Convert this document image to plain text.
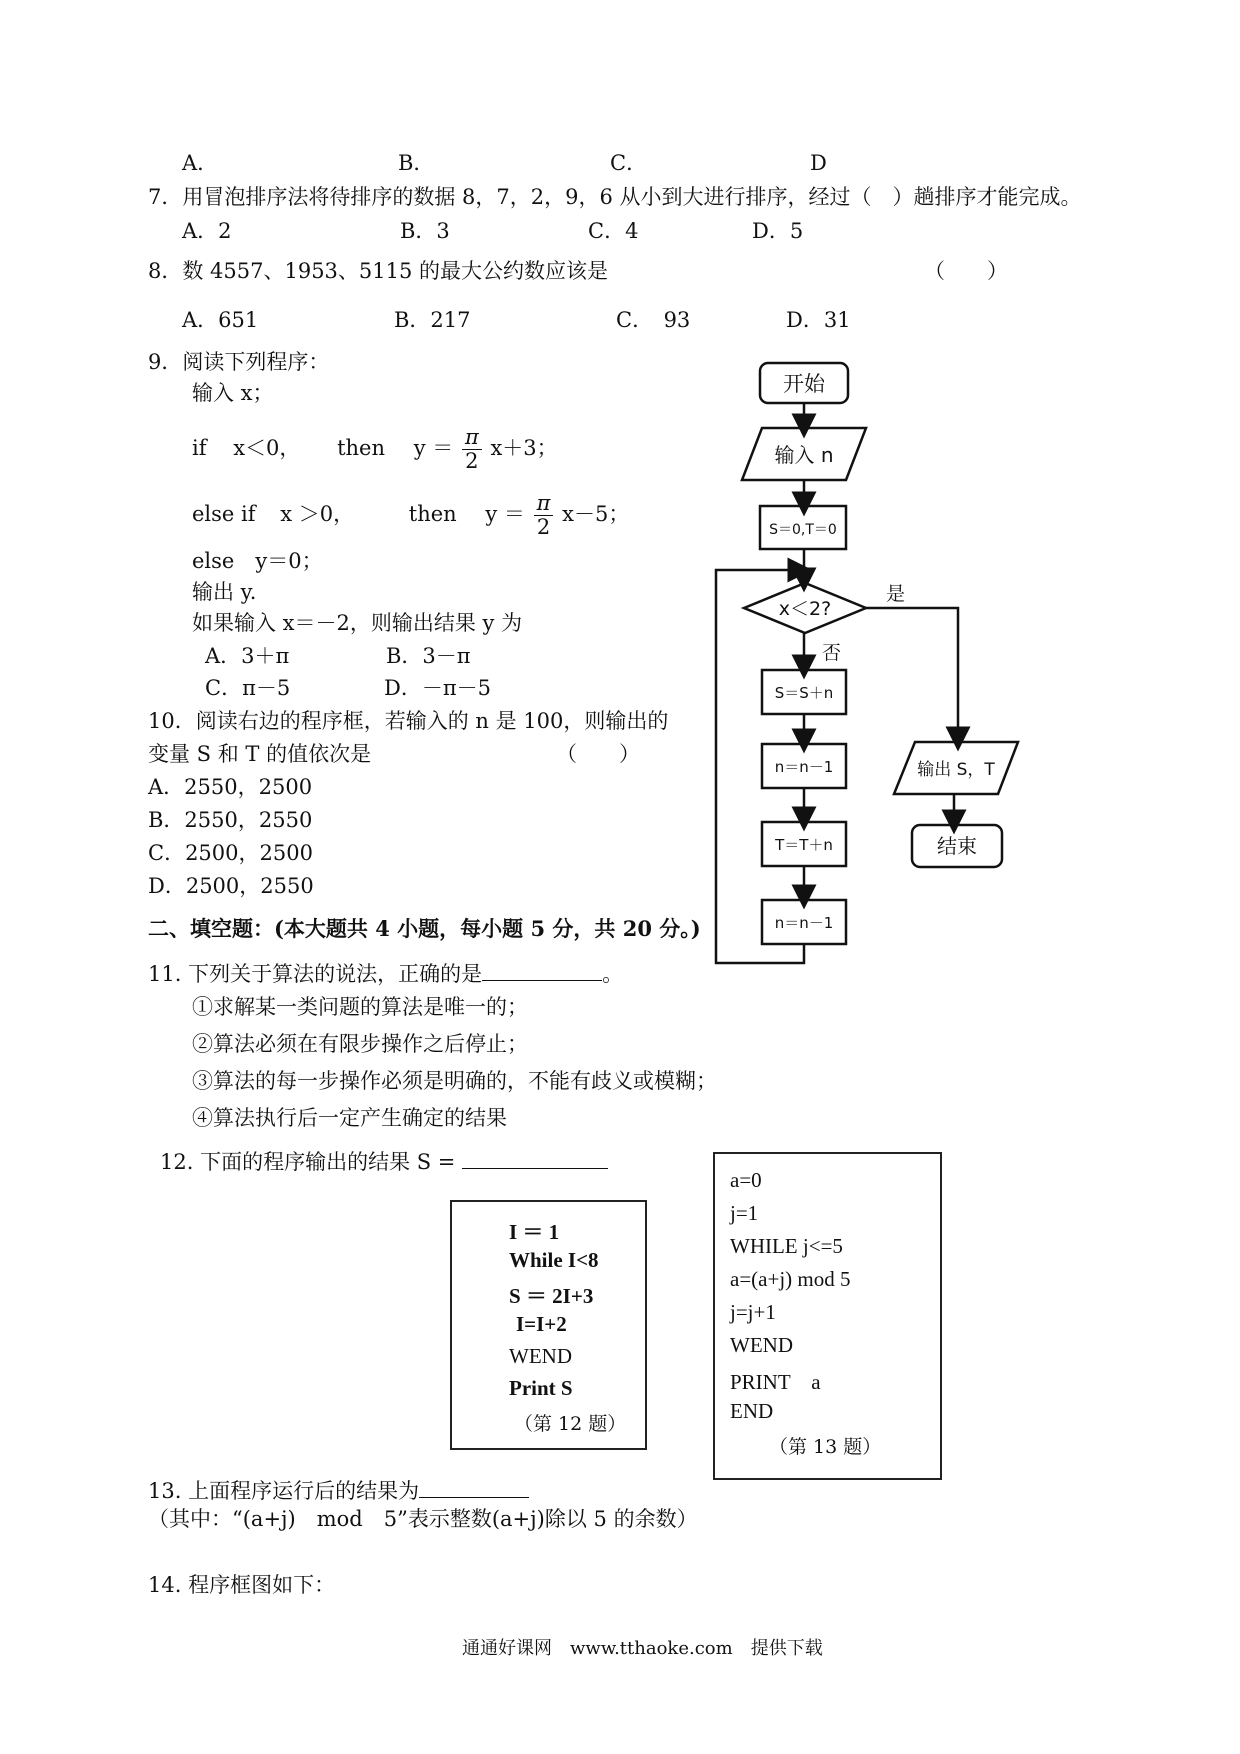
A．	B．	C．	D
7．用冒泡排序法将待排序的数据 8，7，2，9，6 从小到大进行排序，经过（　）趟排序才能完成。
A．2	B．3	C．4	D．5
8．数 4557、1953、5115 的最大公约数应该是	（　　）
A．651	B．217	C．　93	D．31
9．阅读下列程序：
输入 x；
if x＜0， then $y = \frac{\pi}{2} x+3$；
else if x ＞0，	then $y = \frac{\pi}{2} x-5$；
else　y＝0；
输出 y.
如果输入 x＝－2，则输出结果 y 为
A．3＋π	B．3－π
C．π－5	D．－π－5
10．阅读右边的程序框，若输入的 n 是 100，则输出的
变量 S 和 T 的值依次是	（　　）
A．2550，2500
B．2550，2550
C．2500，2500
D．2500，2550
开始
输入 n
S＝0,T＝0
x＜2?
是
否
S＝S＋n
n＝n－1
T＝T＋n
n＝n－1
输出 S，T
结束
二、填空题：(本大题共 4 小题，每小题 5 分，共 20 分。)
11. 下列关于算法的说法，正确的是	。
①求解某一类问题的算法是唯一的；
②算法必须在有限步操作之后停止；
③算法的每一步操作必须是明确的，不能有歧义或模糊；
④算法执行后一定产生确定的结果
12. 下面的程序输出的结果 S =
I ＝ 1
While I<8
S ＝ 2I+3
I=I+2
WEND
Print S
（第 12 题）
a=0
j=1
WHILE j<=5
a=(a+j) mod 5
j=j+1
WEND
PRINT　a
END
（第 13 题）
13. 上面程序运行后的结果为
（其中：“(a+j)　mod　5”表示整数(a+j)除以 5 的余数）
14. 程序框图如下：
通通好课网　www.tthaoke.com　提供下载
